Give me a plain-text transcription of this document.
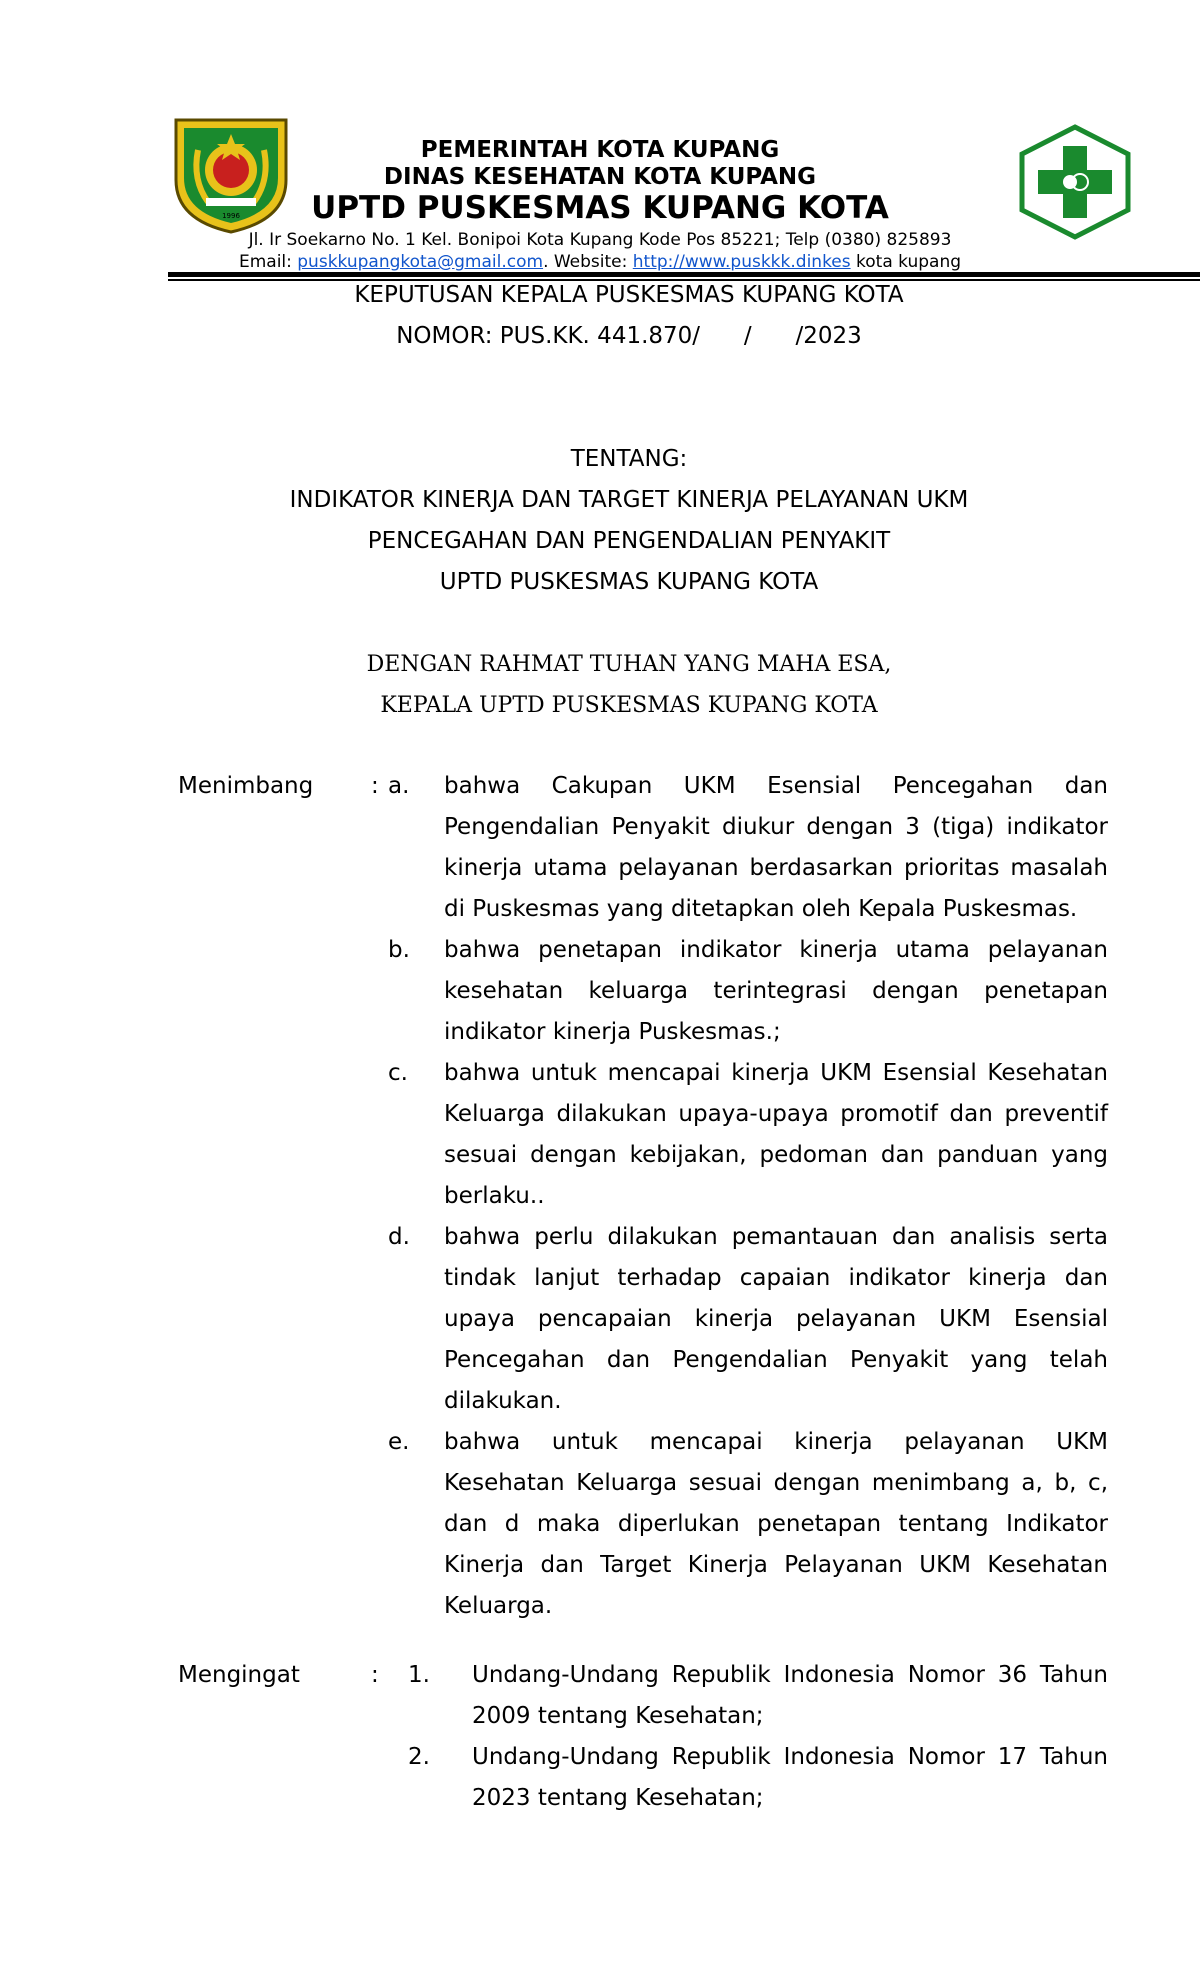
1996
PEMERINTAH KOTA KUPANG
DINAS KESEHATAN KOTA KUPANG
UPTD PUSKESMAS KUPANG KOTA
Jl. Ir Soekarno No. 1 Kel. Bonipoi Kota Kupang Kode Pos 85221; Telp (0380) 825893
Email: puskkupangkota@gmail.com. Website: http://www.puskkk.dinkes kota kupang
KEPUTUSAN KEPALA PUSKESMAS KUPANG KOTA
NOMOR: PUS.KK. 441.870/      /      /2023
TENTANG:
INDIKATOR KINERJA DAN TARGET KINERJA PELAYANAN UKM
PENCEGAHAN DAN PENGENDALIAN PENYAKIT
UPTD PUSKESMAS KUPANG KOTA
DENGAN RAHMAT TUHAN YANG MAHA ESA,
KEPALA UPTD PUSKESMAS KUPANG KOTA
Menimbang	: a. bahwa Cakupan UKM Esensial Pencegahan dan Pengendalian Penyakit diukur dengan 3 (tiga) indikator kinerja utama pelayanan berdasarkan prioritas masalah di Puskesmas yang ditetapkan oleh Kepala Puskesmas.
b. bahwa penetapan indikator kinerja utama pelayanan kesehatan keluarga terintegrasi dengan penetapan indikator kinerja Puskesmas.;
c. bahwa untuk mencapai kinerja UKM Esensial Kesehatan Keluarga dilakukan upaya-upaya promotif dan preventif sesuai dengan kebijakan, pedoman dan panduan yang berlaku..
d. bahwa perlu dilakukan pemantauan dan analisis serta tindak lanjut terhadap capaian indikator kinerja dan upaya pencapaian kinerja pelayanan UKM Esensial Pencegahan dan Pengendalian Penyakit yang telah dilakukan.
e. bahwa untuk mencapai kinerja pelayanan UKM Kesehatan Keluarga sesuai dengan menimbang a, b, c, dan d maka diperlukan penetapan tentang Indikator Kinerja dan Target Kinerja Pelayanan UKM Kesehatan Keluarga.
Mengingat	: 1. Undang-Undang Republik Indonesia Nomor 36 Tahun 2009 tentang Kesehatan;
2. Undang-Undang Republik Indonesia Nomor 17 Tahun 2023 tentang Kesehatan;
